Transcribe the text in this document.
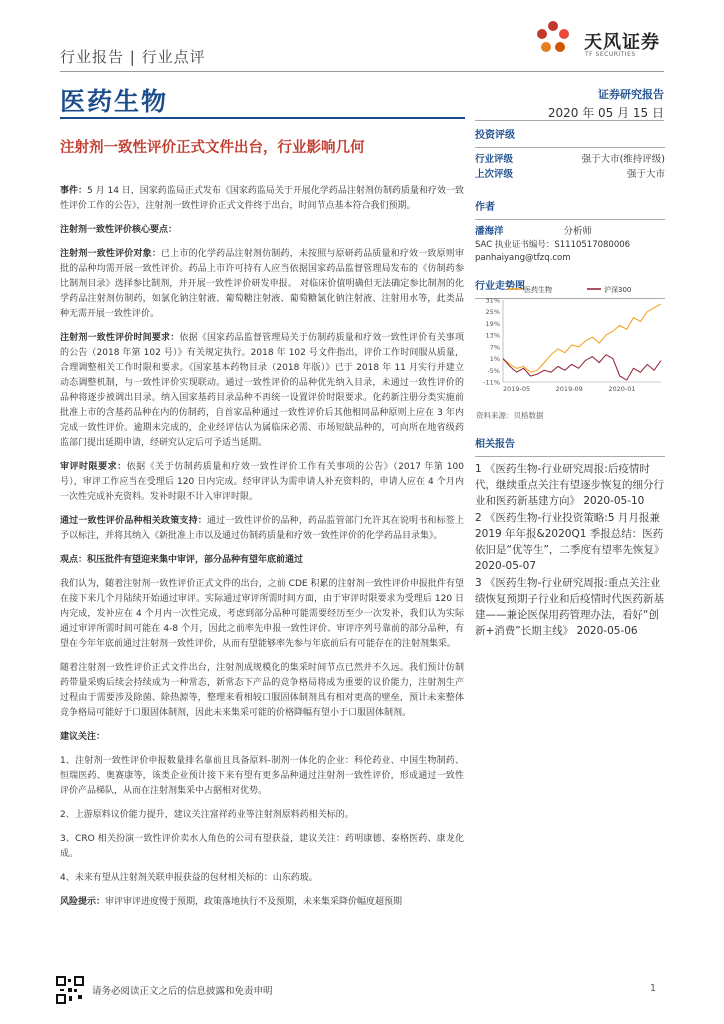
行业报告 | 行业点评
天风证券
TF SECURITIES
医药生物	证券研究报告
2020 年 05 月 15 日
注射剂一致性评价正式文件出台，行业影响几何

事件：5 月 14 日，国家药监局正式发布《国家药监局关于开展化学药品注射剂仿制药质量和疗效一致性评价工作的公告》，注射剂一致性评价正式文件终于出台，时间节点基本符合我们预期。

注射剂一致性评价核心要点：

注射剂一致性评价对象：已上市的化学药品注射剂仿制药，未按照与原研药品质量和疗效一致原则审批的品种均需开展一致性评价。药品上市许可持有人应当依据国家药品监督管理局发布的《仿制药参比制剂目录》选择参比制剂，并开展一致性评价研发申报。 对临床价值明确但无法确定参比制剂的化学药品注射剂仿制药，如氯化钠注射液、葡萄糖注射液、葡萄糖氯化钠注射液、注射用水等，此类品种无需开展一致性评价。

注射剂一致性评价时间要求：依据《国家药品监督管理局关于仿制药质量和疗效一致性评价有关事项的公告（2018 年第 102 号）》有关规定执行。2018 年 102 号文件指出，评价工作时间服从质量，合理调整相关工作时限和要求。《国家基本药物目录（2018 年版）》已于 2018 年 11 月实行并建立动态调整机制，与一致性评价实现联动。通过一致性评价的品种优先纳入目录，未通过一致性评价的品种将逐步被调出目录。纳入国家基药目录品种不再统一设置评价时限要求。化药新注册分类实施前批准上市的含基药品种在内的仿制药，自首家品种通过一致性评价后其他相同品种原则上应在 3 年内完成一致性评价。逾期未完成的，企业经评估认为属临床必需、市场短缺品种的，可向所在地省级药监部门提出延期申请，经研究认定后可予适当延期。

审评时限要求：依据《关于仿制药质量和疗效一致性评价工作有关事项的公告》（2017 年第 100 号），审评工作应当在受理后 120 日内完成。经审评认为需申请人补充资料的，申请人应在 4 个月内一次性完成补充资料。发补时限不计入审评时限。

通过一致性评价品种相关政策支持：通过一致性评价的品种，药品监管部门允许其在说明书和标签上予以标注，并将其纳入《新批准上市以及通过仿制药质量和疗效一致性评价的化学药品目录集》。

观点：积压批件有望迎来集中审评，部分品种有望年底前通过

我们认为，随着注射剂一致性评价正式文件的出台，之前 CDE 积累的注射剂一致性评价申报批件有望在接下来几个月陆续开始通过审评。实际通过审评所需时间方面，由于审评时限要求为受理后 120 日内完成，发补应在 4 个月内一次性完成，考虑到部分品种可能需要经历至少一次发补，我们认为实际通过审评所需时间可能在 4-8 个月，因此之前率先申报一致性评价、审评序列号靠前的部分品种，有望在今年年底前通过注射剂一致性评价，从而有望能够率先参与年底前后有可能存在的注射剂集采。

随着注射剂一致性评价正式文件出台，注射剂成规模化的集采时间节点已然并不久远。我们预计仿制药带量采购后续会持续成为一种常态，新常态下产品的竞争格局将成为重要的议价能力，注射剂生产过程由于需要涉及除菌、除热源等，整理来看相较口服固体制剂具有相对更高的壁垒，预计未来整体竞争格局可能好于口服固体制剂，因此未来集采可能的价格降幅有望小于口服固体制剂。

建议关注：

1、注射剂一致性评价申报数量排名靠前且具备原料-制剂一体化的企业：科伦药业、中国生物制药、恒瑞医药、奥赛康等，该类企业预计接下来有望有更多品种通过注射剂一致性评价，形成通过一致性评价产品梯队，从而在注射剂集采中占据相对优势。

2、上游原料议价能力提升，建议关注富祥药业等注射剂原料药相关标的。

3、CRO 相关扮演一致性评价卖水人角色的公司有望获益，建议关注：药明康德、泰格医药、康龙化成。

4、未来有望从注射剂关联申报获益的包材相关标的：山东药玻。

风险提示：审评审评进度慢于预期，政策落地执行不及预期，未来集采降价幅度超预期

投资评级
行业评级	强于大市(维持评级)
上次评级	强于大市
作者
潘海洋	分析师
SAC 执业证书编号：S1110517080006
panhaiyang@tfzq.com
行业走势图 医药生物	沪深300
31%
25%
19%
13%
7%
1%
-5%
-11%
2019-05	2019-09	2020-01
资料来源：贝格数据
相关报告
1 《医药生物-行业研究周报:后疫情时代，继续重点关注有望逐步恢复的细分行业和医药新基建方向》 2020-05-10
2 《医药生物-行业投资策略:5 月月报兼 2019 年年报&2020Q1 季报总结：医药依旧是“优等生”，二季度有望率先恢复》 2020-05-07
3 《医药生物-行业研究周报:重点关注业绩恢复预期子行业和后疫情时代医药新基建——兼论医保用药管理办法，看好“创新+消费”长期主线》 2020-05-06
请务必阅读正文之后的信息披露和免责申明	1
